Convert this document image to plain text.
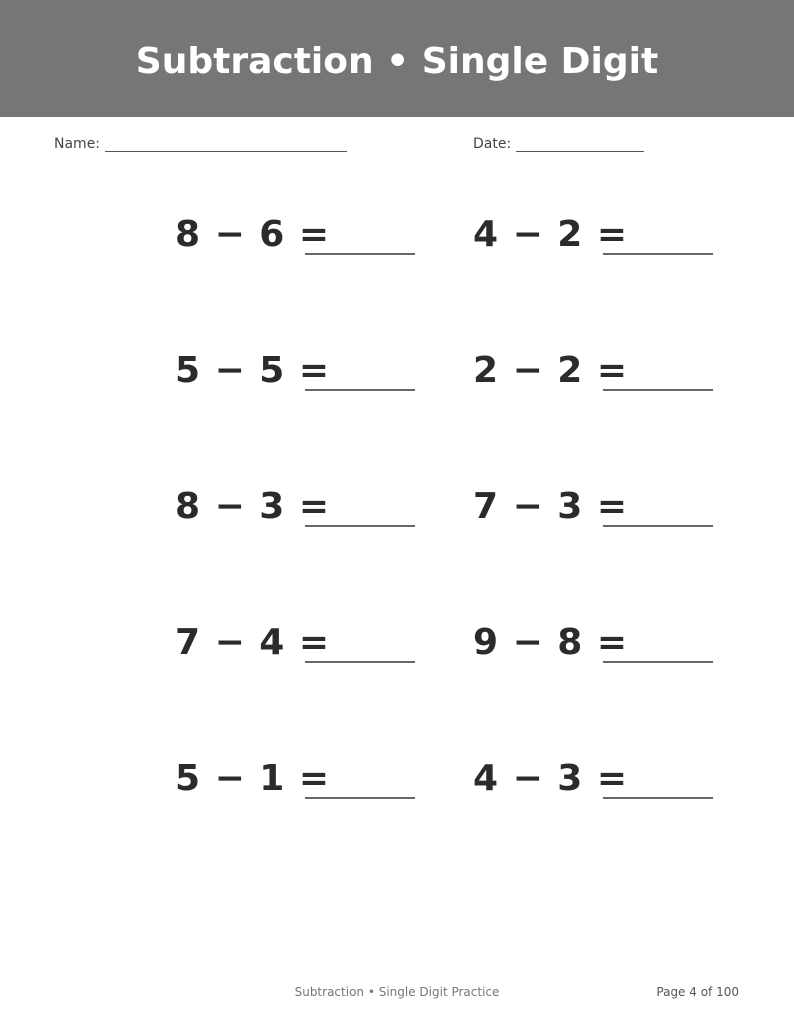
Subtraction • Single Digit
Name:	Date:
8 − 6 =	4 − 2 =
5 − 5 =	2 − 2 =
8 − 3 =	7 − 3 =
7 − 4 =	9 − 8 =
5 − 1 =	4 − 3 =
Subtraction • Single Digit Practice	Page 4 of 100
